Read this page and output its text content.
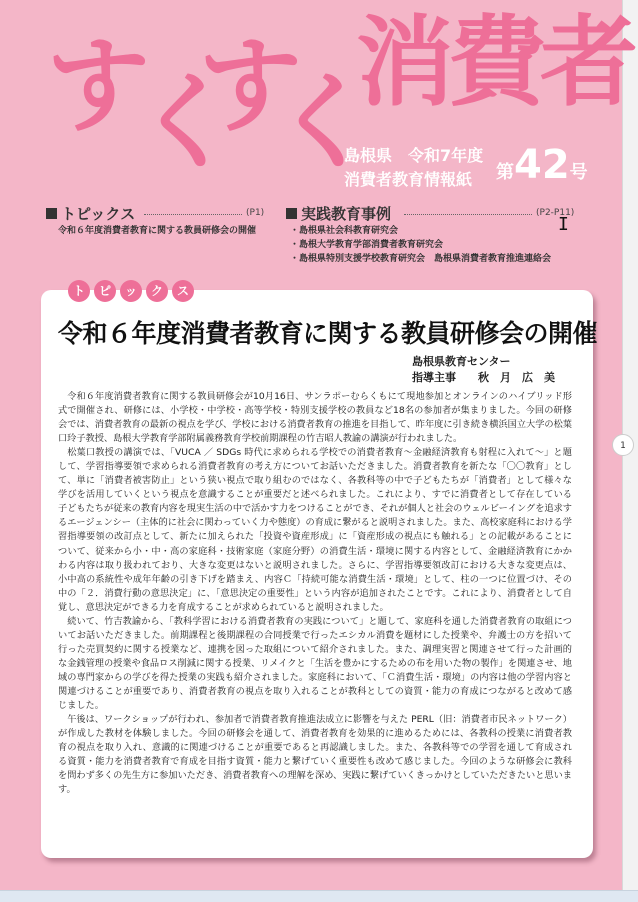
1
す
く
す
く
消費者
島根県　令和7年度
消費者教育情報紙 第42号
トピックス	(P1)
令和６年度消費者教育に関する教員研修会の開催
実践教育事例	(P2-P11)
・島根県社会科教育研究会
・島根大学教育学部消費者教育研究会
・島根県特別支援学校教育研究会　島根県消費者教育推進連絡会
I
ト	ピ	ッ	ク	ス
令和６年度消費者教育に関する教員研修会の開催
島根県教育センター
指導主事　　秋　月　広　美

令和６年度消費者教育に関する教員研修会が10月16日、サンラポーむらくもにて現地参加とオンラインのハイブリッド形式で開催され、研修には、小学校・中学校・高等学校・特別支援学校の教員など18名の参加者が集まりました。今回の研修会では、消費者教育の最新の視点を学び、学校における消費者教育の推進を目指して、昨年度に引き続き横浜国立大学の松葉口玲子教授、島根大学教育学部附属義務教育学校前期課程の竹吉昭人教諭の講演が行われました。

松葉口教授の講演では、「VUCA ／ SDGs 時代に求められる学校での消費者教育～金融経済教育も射程に入れて～」と題して、学習指導要領で求められる消費者教育の考え方についてお話いただきました。消費者教育を新たな「〇〇教育」として、単に「消費者被害防止」という狭い視点で取り組むのではなく、各教科等の中で子どもたちが「消費者」として様々な学びを活用していくという視点を意識することが重要だと述べられました。これにより、すでに消費者として存在している子どもたちが従来の教育内容を現実生活の中で活かす力をつけることができ、それが個人と社会のウェルビーイングを追求するエージェンシー（主体的に社会に関わっていく力や態度）の育成に繋がると説明されました。また、高校家庭科における学習指導要領の改訂点として、新たに加えられた「投資や資産形成」に「資産形成の視点にも触れる」との記載があることについて、従来から小・中・高の家庭科・技術家庭（家庭分野）の消費生活・環境に関する内容として、金融経済教育にかかわる内容は取り扱われており、大きな変更はないと説明されました。さらに、学習指導要領改訂における大きな変更点は、小中高の系統性や成年年齢の引き下げを踏まえ、内容Ｃ「持続可能な消費生活・環境」として、柱の一つに位置づけ、その中の「２．消費行動の意思決定」に、「意思決定の重要性」という内容が追加されたことです。これにより、消費者として自覚し、意思決定ができる力を育成することが求められていると説明されました。

続いて、竹吉教諭から、「教科学習における消費者教育の実践について」と題して、家庭科を通した消費者教育の取組についてお話いただきました。前期課程と後期課程の合同授業で行ったエシカル消費を題材にした授業や、弁護士の方を招いて行った売買契約に関する授業など、連携を図った取組について紹介されました。また、調理実習と関連させて行った計画的な金銭管理の授業や食品ロス削減に関する授業、リメイクと「生活を豊かにするための布を用いた物の製作」を関連させ、地域の専門家からの学びを得た授業の実践も紹介されました。家庭科において、「Ｃ消費生活・環境」の内容は他の学習内容と関連づけることが重要であり、消費者教育の視点を取り入れることが教科としての資質・能力の育成につながると改めて感じました。

午後は、ワークショップが行われ、参加者で消費者教育推進法成立に影響を与えた PERL（旧：消費者市民ネットワーク）が作成した教材を体験しました。今回の研修会を通して、消費者教育を効果的に進めるためには、各教科の授業に消費者教育の視点を取り入れ、意識的に関連づけることが重要であると再認識しました。また、各教科等での学習を通して育成される資質・能力を消費者教育で育成を目指す資質・能力と繋げていく重要性も改めて感じました。今回のような研修会に教科を問わず多くの先生方に参加いただき、消費者教育への理解を深め、実践に繋げていくきっかけとしていただきたいと思います。
